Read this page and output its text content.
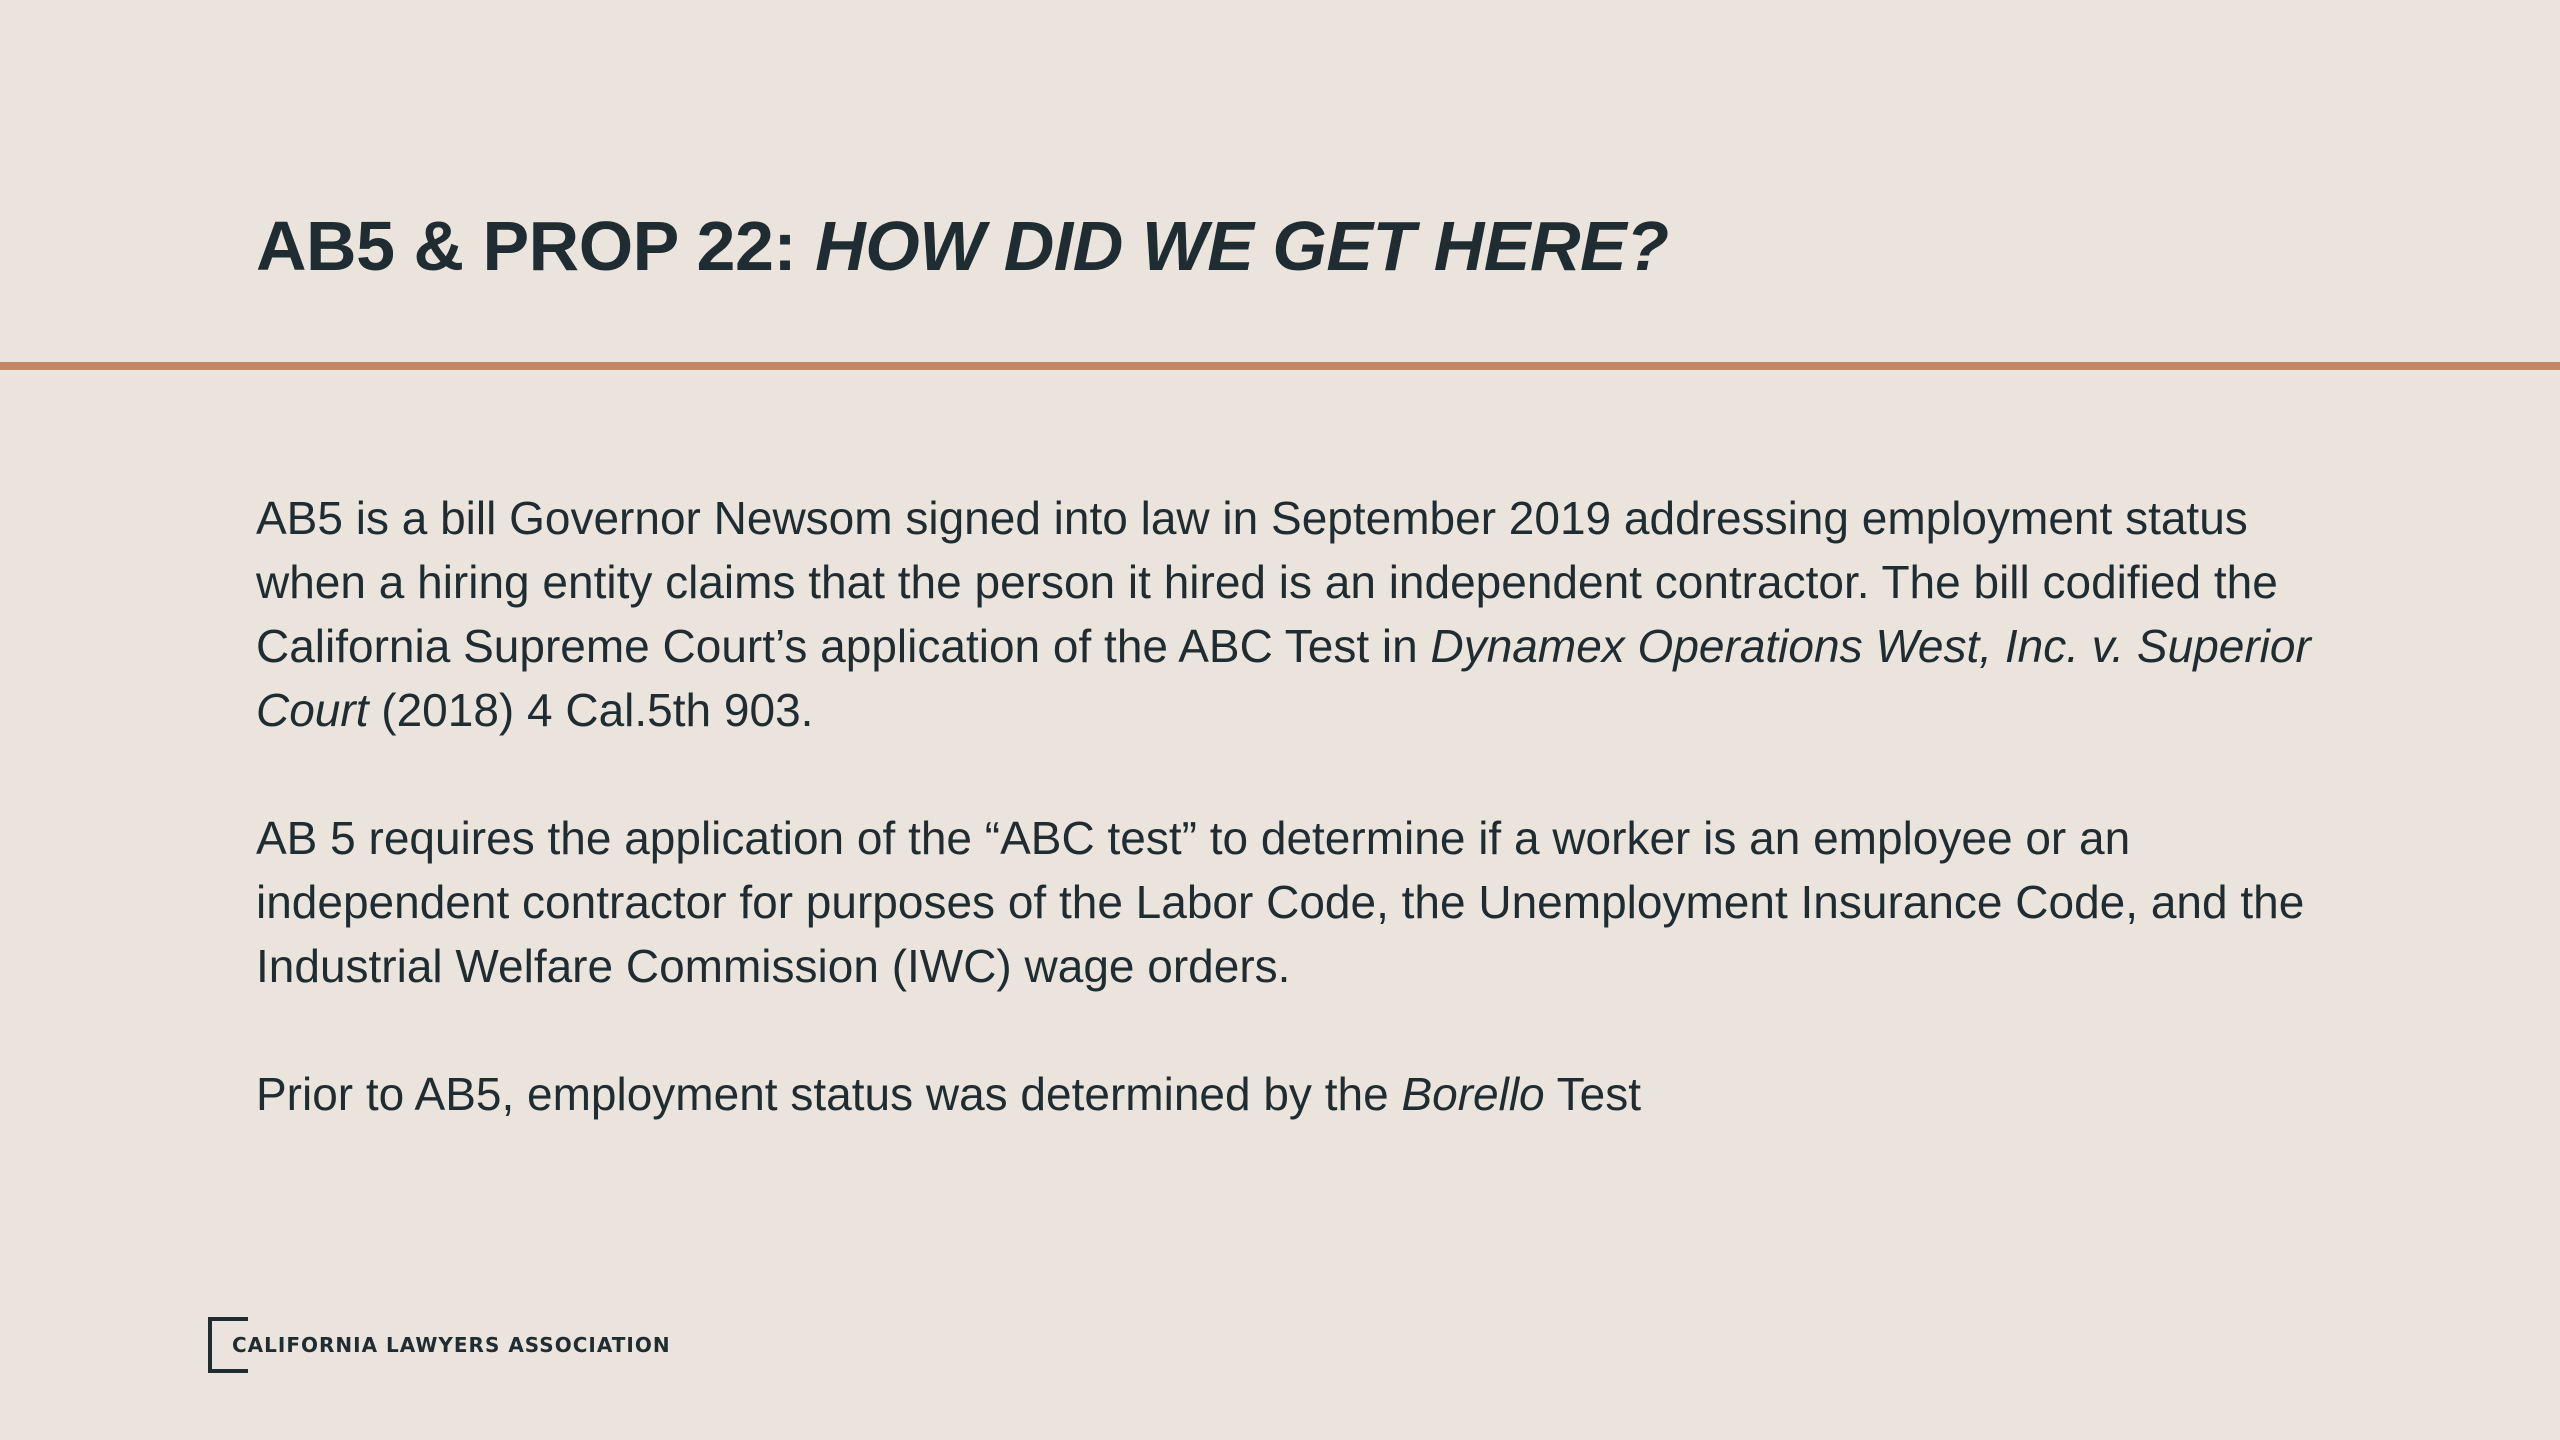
AB5 & PROP 22: HOW DID WE GET HERE?

AB5 is a bill Governor Newsom signed into law in September 2019 addressing employment status when a hiring entity claims that the person it hired is an independent contractor. The bill codified the California Supreme Court’s application of the ABC Test in Dynamex Operations West, Inc. v. Superior Court (2018) 4 Cal.5th 903.

AB 5 requires the application of the “ABC test” to determine if a worker is an employee or an independent contractor for purposes of the Labor Code, the Unemployment Insurance Code, and the Industrial Welfare Commission (IWC) wage orders.

Prior to AB5, employment status was determined by the Borello Test

CALIFORNIA LAWYERS ASSOCIATION
